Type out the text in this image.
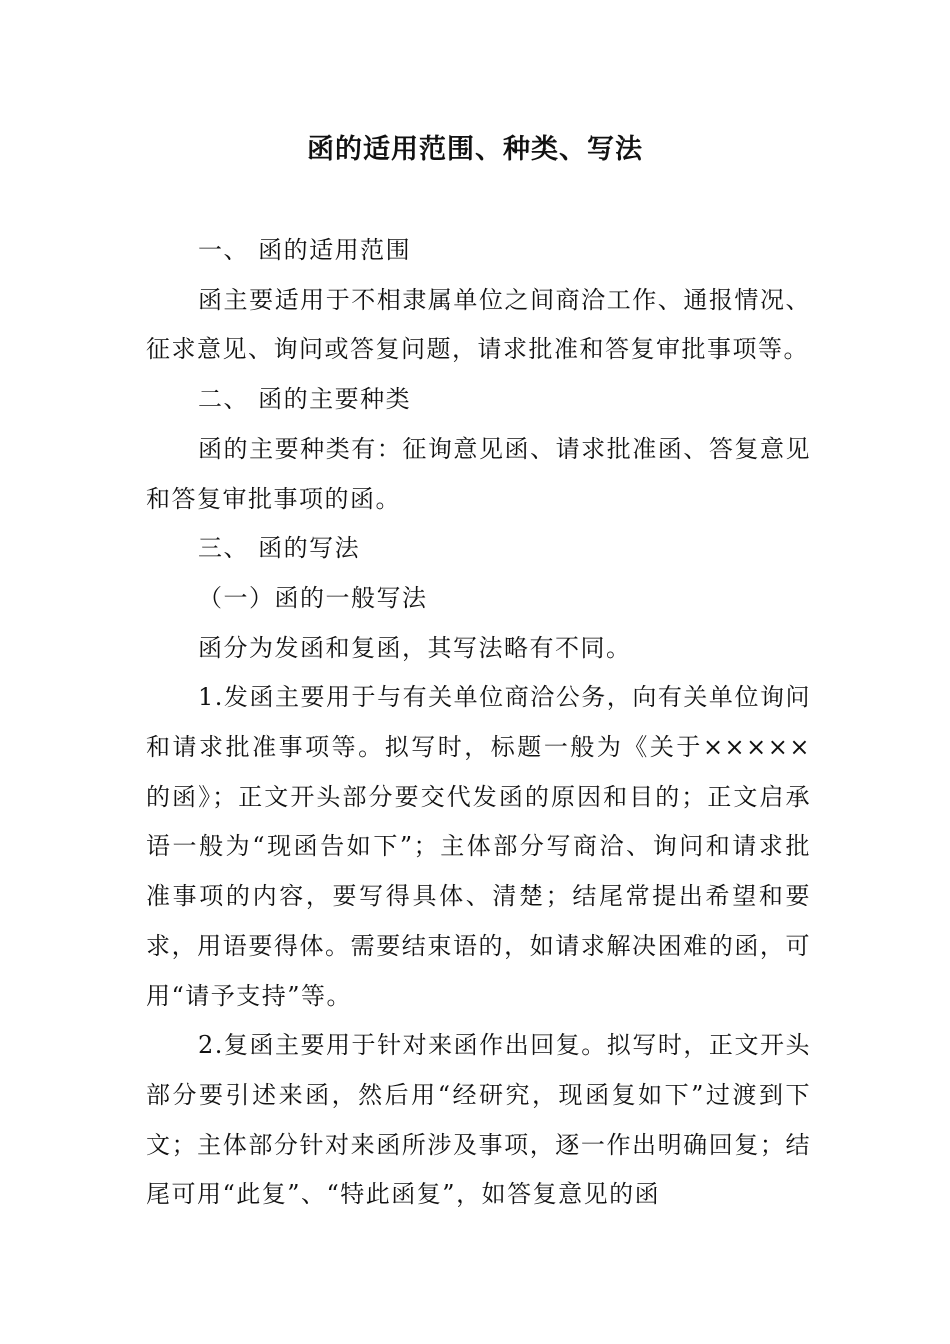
函的适用范围、种类、写法

一、 函的适用范围

函主要适用于不相隶属单位之间商洽工作、通报情况、征求意见、询问或答复问题，请求批准和答复审批事项等。

二、 函的主要种类

函的主要种类有：征询意见函、请求批准函、答复意见和答复审批事项的函。

三、 函的写法

（一）函的一般写法

函分为发函和复函，其写法略有不同。

1.发函主要用于与有关单位商洽公务，向有关单位询问和请求批准事项等。拟写时，标题一般为《关于×××××的函》；正文开头部分要交代发函的原因和目的；正文启承语一般为“现函告如下”；主体部分写商洽、询问和请求批准事项的内容，要写得具体、清楚；结尾常提出希望和要求，用语要得体。需要结束语的，如请求解决困难的函，可用“请予支持”等。

2.复函主要用于针对来函作出回复。拟写时，正文开头部分要引述来函，然后用“经研究，现函复如下”过渡到下文；主体部分针对来函所涉及事项，逐一作出明确回复；结尾可用“此复”、“特此函复”，如答复意见的函
